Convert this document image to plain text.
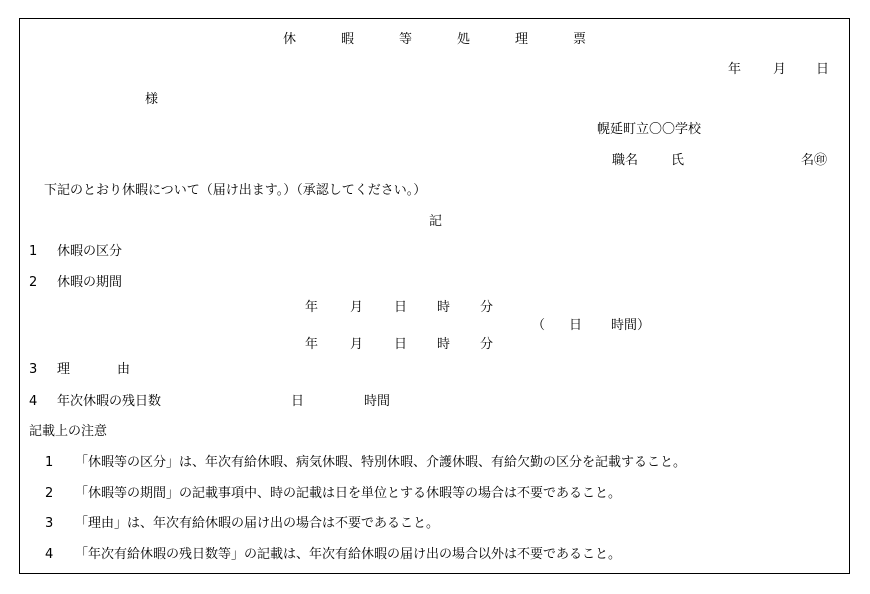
休	暇	等	処	理	票
年 月 日
様
幌延町立〇〇学校
職名	氏	名㊞
下記のとおり休暇について（届け出ます。）（承認してください。）
記
1 休暇の区分
2 休暇の期間
年 月 日 時 分
（ 日 時間）
年 月 日 時 分
3 理	由
4 年次休暇の残日数	日	時間
記載上の注意
1 「休暇等の区分」は、年次有給休暇、病気休暇、特別休暇、介護休暇、有給欠勤の区分を記載すること。
2 「休暇等の期間」の記載事項中、時の記載は日を単位とする休暇等の場合は不要であること。
3 「理由」は、年次有給休暇の届け出の場合は不要であること。
4 「年次有給休暇の残日数等」の記載は、年次有給休暇の届け出の場合以外は不要であること。
